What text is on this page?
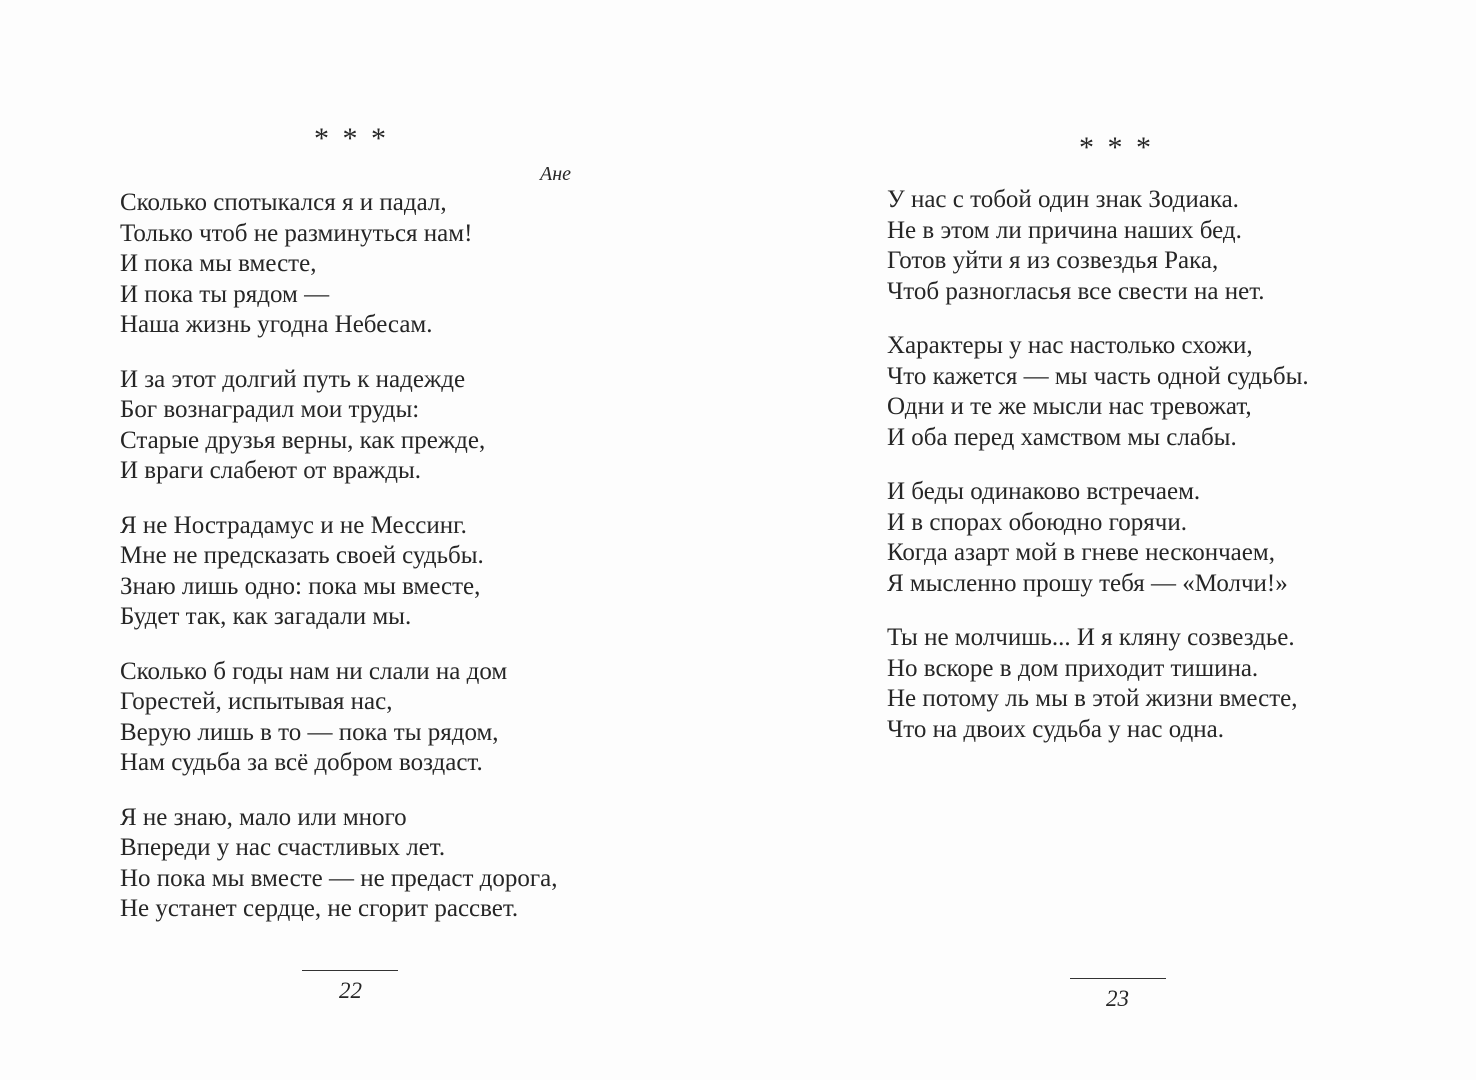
* * *
Ане
Сколько спотыкался я и падал,
Только чтоб не разминуться нам!
И пока мы вместе,
И пока ты рядом —
Наша жизнь угодна Небесам.
И за этот долгий путь к надежде
Бог вознаградил мои труды:
Старые друзья верны, как прежде,
И враги слабеют от вражды.
Я не Нострадамус и не Мессинг.
Мне не предсказать своей судьбы.
Знаю лишь одно: пока мы вместе,
Будет так, как загадали мы.
Сколько б годы нам ни слали на дом
Горестей, испытывая нас,
Верую лишь в то — пока ты рядом,
Нам судьба за всё добром воздаст.
Я не знаю, мало или много
Впереди у нас счастливых лет.
Но пока мы вместе — не предаст дорога,
Не устанет сердце, не сгорит рассвет.
22
* * *
У нас с тобой один знак Зодиака.
Не в этом ли причина наших бед.
Готов уйти я из созвездья Рака,
Чтоб разногласья все свести на нет.
Характеры у нас настолько схожи,
Что кажется — мы часть одной судьбы.
Одни и те же мысли нас тревожат,
И оба перед хамством мы слабы.
И беды одинаково встречаем.
И в спорах обоюдно горячи.
Когда азарт мой в гневе нескончаем,
Я мысленно прошу тебя — «Молчи!»
Ты не молчишь... И я кляну созвездье.
Но вскоре в дом приходит тишина.
Не потому ль мы в этой жизни вместе,
Что на двоих судьба у нас одна.
23
